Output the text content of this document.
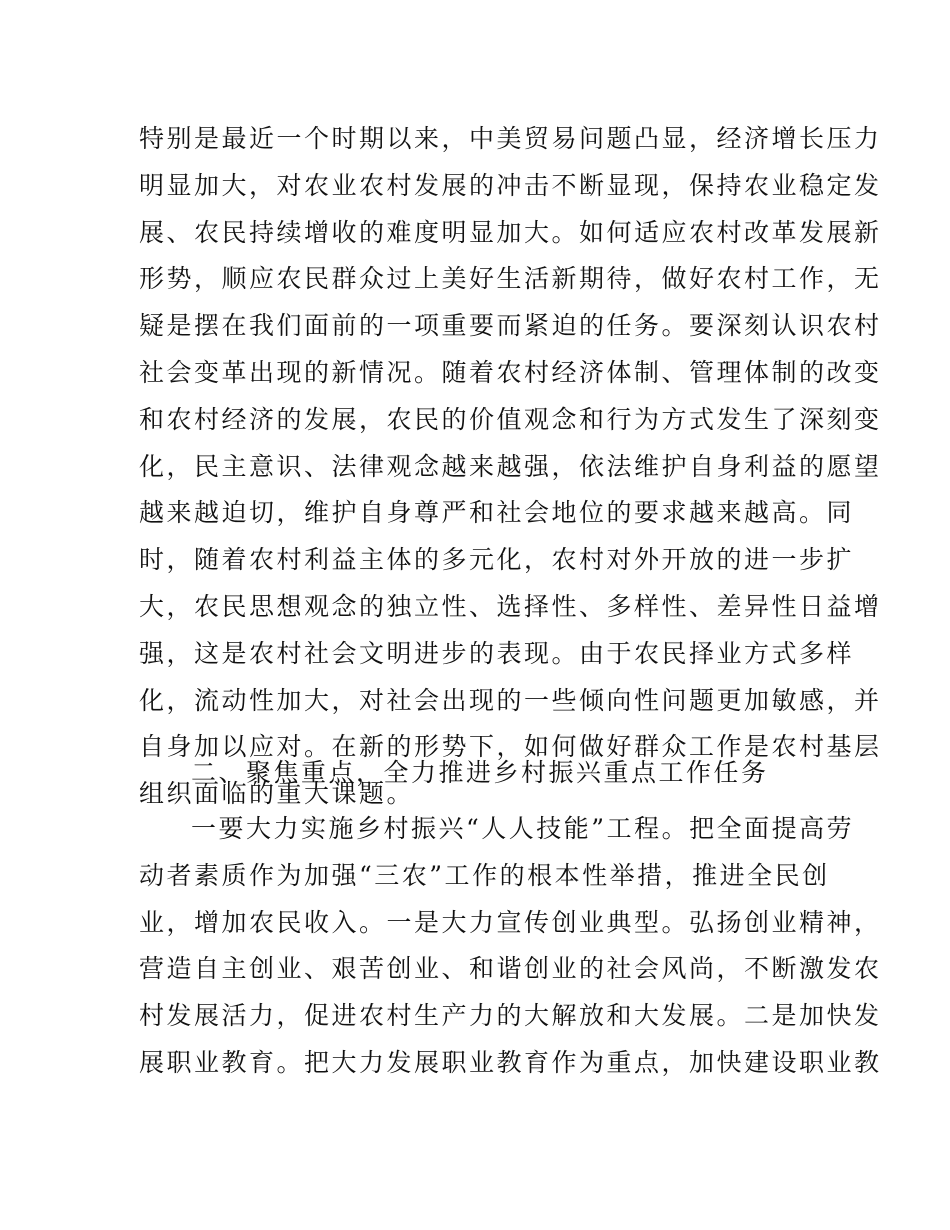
特别是最近一个时期以来，中美贸易问题凸显，经济增长压力
明显加大，对农业农村发展的冲击不断显现，保持农业稳定发
展、农民持续增收的难度明显加大。如何适应农村改革发展新
形势，顺应农民群众过上美好生活新期待，做好农村工作，无
疑是摆在我们面前的一项重要而紧迫的任务。要深刻认识农村
社会变革出现的新情况。随着农村经济体制、管理体制的改变
和农村经济的发展，农民的价值观念和行为方式发生了深刻变
化，民主意识、法律观念越来越强，依法维护自身利益的愿望
越来越迫切，维护自身尊严和社会地位的要求越来越高。同
时，随着农村利益主体的多元化，农村对外开放的进一步扩
大，农民思想观念的独立性、选择性、多样性、差异性日益增
强，这是农村社会文明进步的表现。由于农民择业方式多样
化，流动性加大，对社会出现的一些倾向性问题更加敏感，并
自身加以应对。在新的形势下，如何做好群众工作是农村基层
组织面临的重大课题。
二、聚焦重点，全力推进乡村振兴重点工作任务
一要大力实施乡村振兴“人人技能”工程。把全面提高劳
动者素质作为加强“三农”工作的根本性举措，推进全民创
业，增加农民收入。一是大力宣传创业典型。弘扬创业精神，
营造自主创业、艰苦创业、和谐创业的社会风尚，不断激发农
村发展活力，促进农村生产力的大解放和大发展。二是加快发
展职业教育。把大力发展职业教育作为重点，加快建设职业教
